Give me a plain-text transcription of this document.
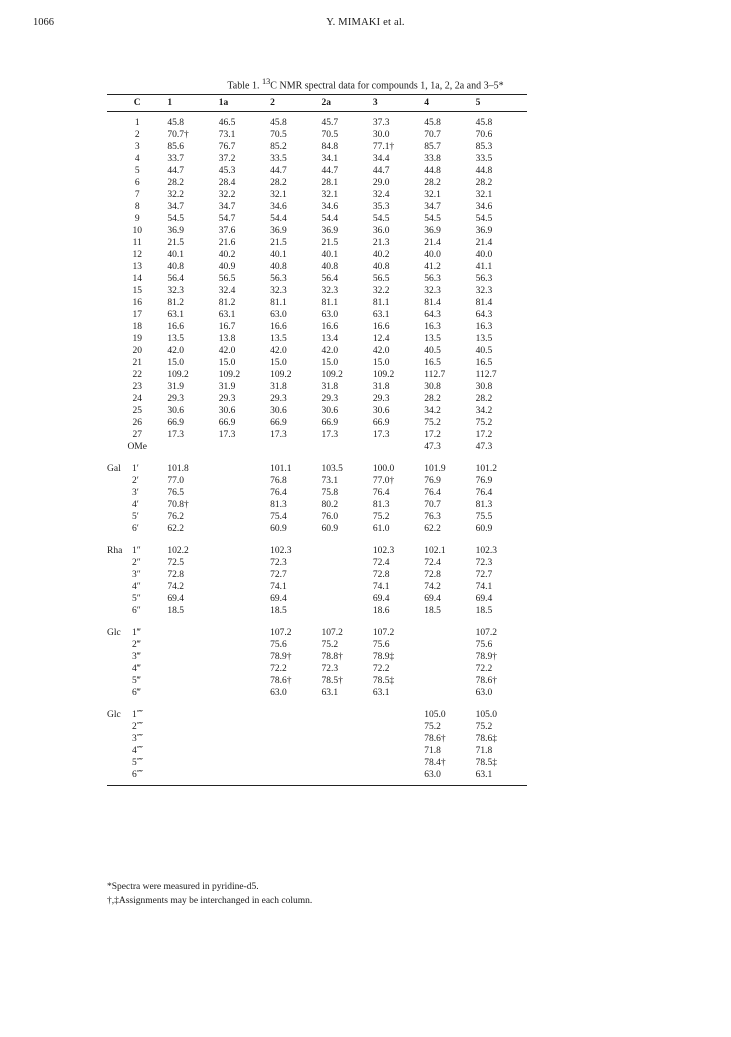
1066	Y. MIMAKI et al.
Table 1. $^{13}$C NMR spectral data for compounds 1, 1a, 2, 2a and 3–5*
C	1	1a	2	2a	3	4	5
1	45.8	46.5	45.8	45.7	37.3	45.8	45.8
2	70.7†	73.1	70.5	70.5	30.0	70.7	70.6
3	85.6	76.7	85.2	84.8	77.1†	85.7	85.3
4	33.7	37.2	33.5	34.1	34.4	33.8	33.5
5	44.7	45.3	44.7	44.7	44.7	44.8	44.8
6	28.2	28.4	28.2	28.1	29.0	28.2	28.2
7	32.2	32.2	32.1	32.1	32.4	32.1	32.1
8	34.7	34.7	34.6	34.6	35.3	34.7	34.6
9	54.5	54.7	54.4	54.4	54.5	54.5	54.5
10	36.9	37.6	36.9	36.9	36.0	36.9	36.9
11	21.5	21.6	21.5	21.5	21.3	21.4	21.4
12	40.1	40.2	40.1	40.1	40.2	40.0	40.0
13	40.8	40.9	40.8	40.8	40.8	41.2	41.1
14	56.4	56.5	56.3	56.4	56.5	56.3	56.3
15	32.3	32.4	32.3	32.3	32.2	32.3	32.3
16	81.2	81.2	81.1	81.1	81.1	81.4	81.4
17	63.1	63.1	63.0	63.0	63.1	64.3	64.3
18	16.6	16.7	16.6	16.6	16.6	16.3	16.3
19	13.5	13.8	13.5	13.4	12.4	13.5	13.5
20	42.0	42.0	42.0	42.0	42.0	40.5	40.5
21	15.0	15.0	15.0	15.0	15.0	16.5	16.5
22	109.2	109.2	109.2	109.2	109.2	112.7	112.7
23	31.9	31.9	31.8	31.8	31.8	30.8	30.8
24	29.3	29.3	29.3	29.3	29.3	28.2	28.2
25	30.6	30.6	30.6	30.6	30.6	34.2	34.2
26	66.9	66.9	66.9	66.9	66.9	75.2	75.2
27	17.3	17.3	17.3	17.3	17.3	17.2	17.2
OMe						47.3	47.3

Gal 1′	101.8		101.1	103.5	100.0	101.9	101.2
2′	77.0		76.8	73.1	77.0†	76.9	76.9
3′	76.5		76.4	75.8	76.4	76.4	76.4
4′	70.8†		81.3	80.2	81.3	70.7	81.3
5′	76.2		75.4	76.0	75.2	76.3	75.5
6′	62.2		60.9	60.9	61.0	62.2	60.9

Rha 1″	102.2		102.3		102.3	102.1	102.3
2″	72.5		72.3		72.4	72.4	72.3
3″	72.8		72.7		72.8	72.8	72.7
4″	74.2		74.1		74.1	74.2	74.1
5″	69.4		69.4		69.4	69.4	69.4
6″	18.5		18.5		18.6	18.5	18.5

Glc 1‴			107.2	107.2	107.2		107.2
2‴			75.6	75.2	75.6		75.6
3‴			78.9†	78.8†	78.9‡		78.9†
4‴			72.2	72.3	72.2		72.2
5‴			78.6†	78.5†	78.5‡		78.6†
6‴			63.0	63.1	63.1		63.0

Glc 1⁗						105.0	105.0
2⁗						75.2	75.2
3⁗						78.6†	78.6‡
4⁗						71.8	71.8
5⁗						78.4†	78.5‡
6⁗						63.0	63.1
*Spectra were measured in pyridine-d5.
†,‡Assignments may be interchanged in each column.
